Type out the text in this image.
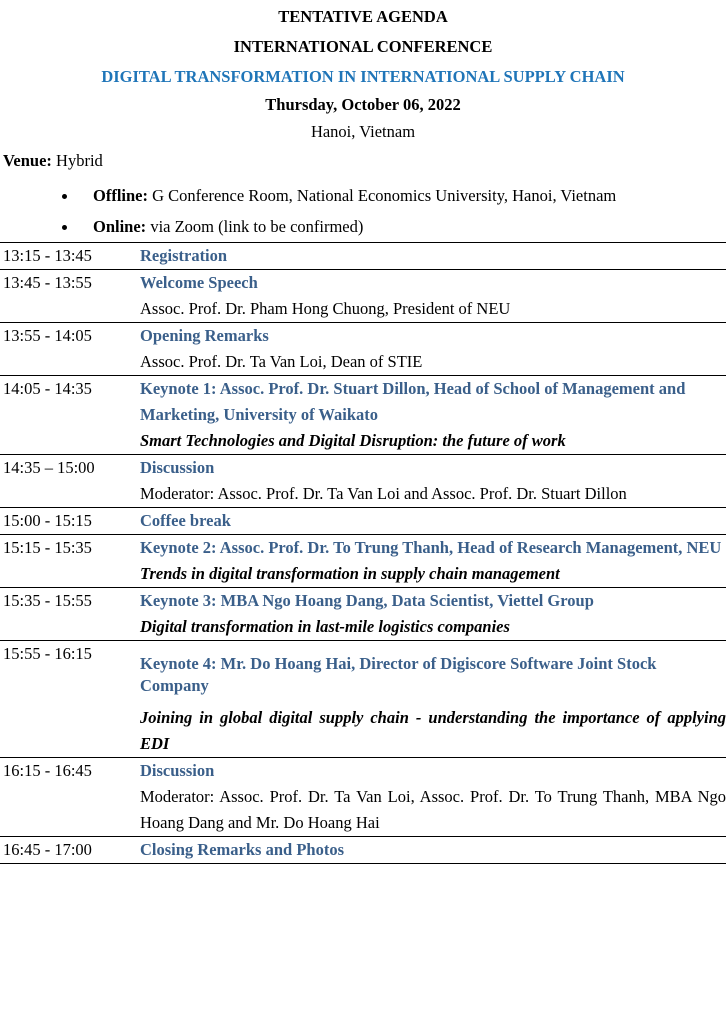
TENTATIVE AGENDA
INTERNATIONAL CONFERENCE
DIGITAL TRANSFORMATION IN INTERNATIONAL SUPPLY CHAIN
Thursday, October 06, 2022
Hanoi, Vietnam
Venue: Hybrid
Offline: G Conference Room, National Economics University, Hanoi, Vietnam
Online: via Zoom (link to be confirmed)
13:15 - 13:45	Registration

13:45 - 13:55	Welcome Speech
Assoc. Prof. Dr. Pham Hong Chuong, President of NEU

13:55 - 14:05	Opening Remarks
Assoc. Prof. Dr. Ta Van Loi, Dean of STIE

14:05 - 14:35	Keynote 1: Assoc. Prof. Dr. Stuart Dillon, Head of School of Management and Marketing, University of Waikato
Smart Technologies and Digital Disruption: the future of work

14:35 – 15:00	Discussion
Moderator: Assoc. Prof. Dr. Ta Van Loi and Assoc. Prof. Dr. Stuart Dillon

15:00 - 15:15	Coffee break

15:15 - 15:35	Keynote 2: Assoc. Prof. Dr. To Trung Thanh, Head of Research Management, NEU
Trends in digital transformation in supply chain management

15:35 - 15:55	Keynote 3: MBA Ngo Hoang Dang, Data Scientist, Viettel Group
Digital transformation in last-mile logistics companies

15:55 - 16:15	Keynote 4: Mr. Do Hoang Hai, Director of Digiscore Software Joint Stock Company
Joining in global digital supply chain - understanding the importance of applying EDI

16:15 - 16:45	Discussion
Moderator: Assoc. Prof. Dr. Ta Van Loi, Assoc. Prof. Dr. To Trung Thanh, MBA Ngo Hoang Dang and Mr. Do Hoang Hai

16:45 - 17:00	Closing Remarks and Photos
